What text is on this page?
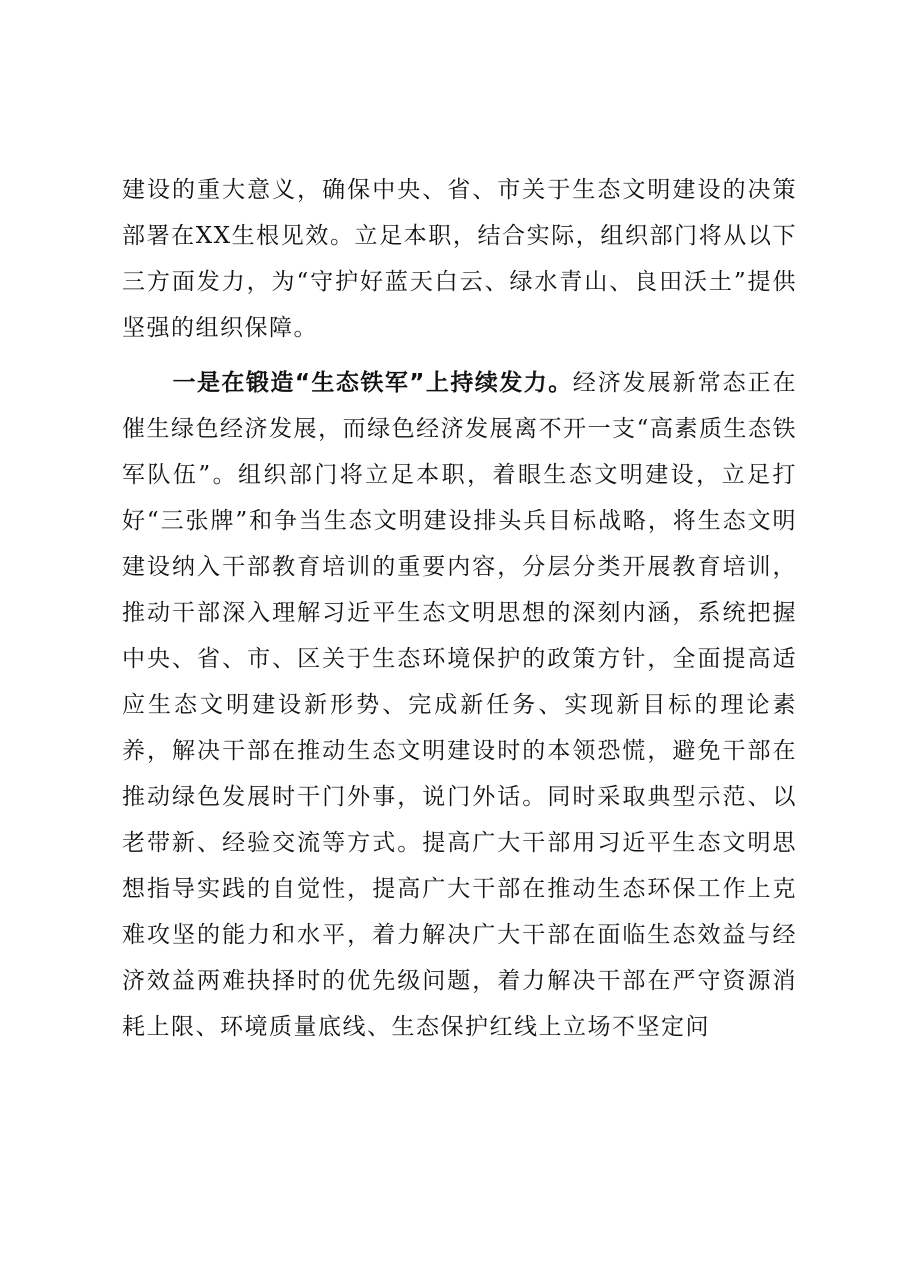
建设的重大意义，确保中央、省、市关于生态文明建设的决策部署在XX生根见效。立足本职，结合实际，组织部门将从以下三方面发力，为“守护好蓝天白云、绿水青山、良田沃土”提供坚强的组织保障。

一是在锻造“生态铁军”上持续发力。经济发展新常态正在催生绿色经济发展，而绿色经济发展离不开一支“高素质生态铁军队伍”。组织部门将立足本职，着眼生态文明建设，立足打好“三张牌”和争当生态文明建设排头兵目标战略，将生态文明建设纳入干部教育培训的重要内容，分层分类开展教育培训，推动干部深入理解习近平生态文明思想的深刻内涵，系统把握中央、省、市、区关于生态环境保护的政策方针，全面提高适应生态文明建设新形势、完成新任务、实现新目标的理论素养，解决干部在推动生态文明建设时的本领恐慌，避免干部在推动绿色发展时干门外事，说门外话。同时采取典型示范、以老带新、经验交流等方式。提高广大干部用习近平生态文明思想指导实践的自觉性，提高广大干部在推动生态环保工作上克难攻坚的能力和水平，着力解决广大干部在面临生态效益与经济效益两难抉择时的优先级问题，着力解决干部在严守资源消耗上限、环境质量底线、生态保护红线上立场不坚定问
